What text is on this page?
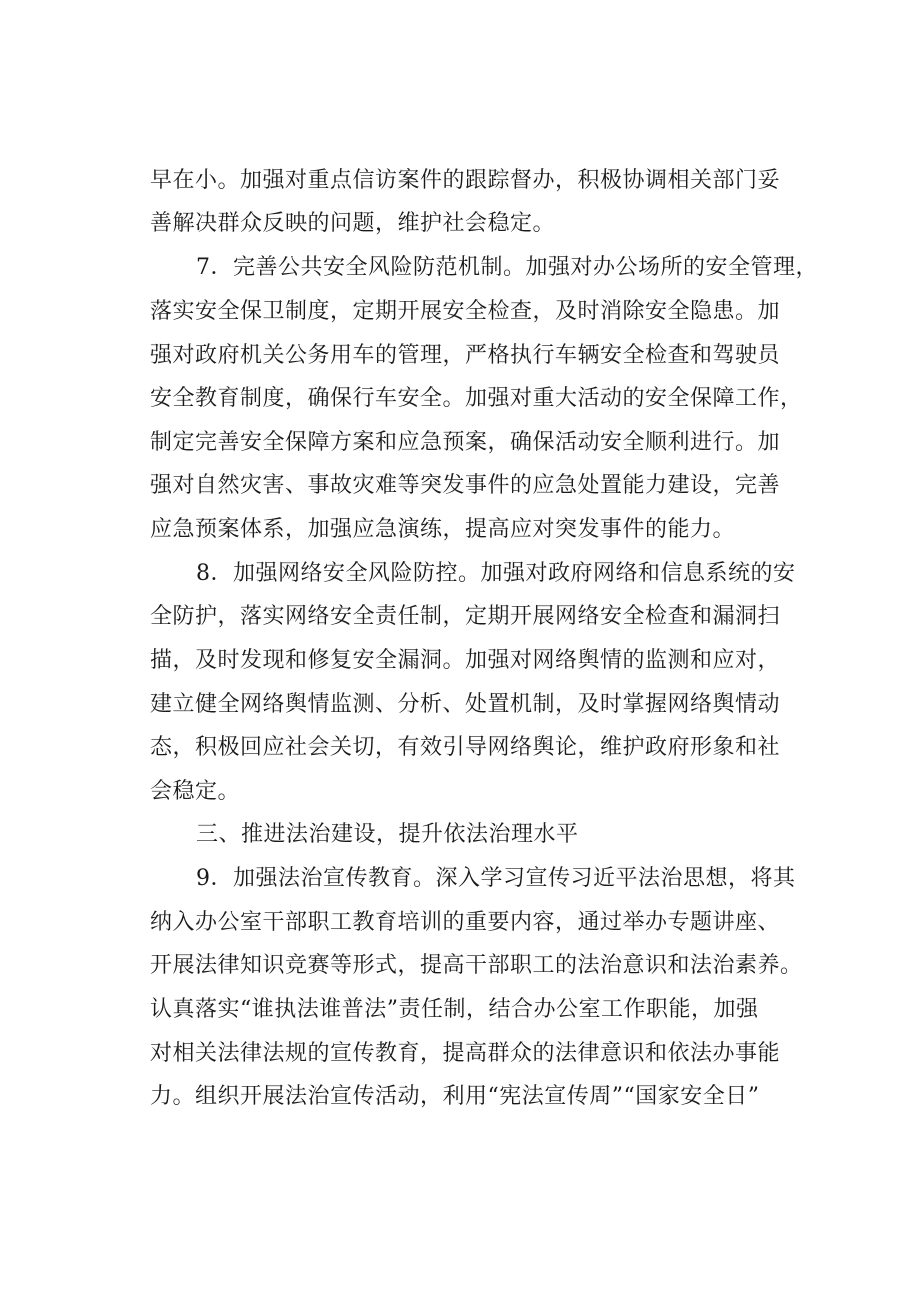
早在小。加强对重点信访案件的跟踪督办，积极协调相关部门妥
善解决群众反映的问题，维护社会稳定。
7．完善公共安全风险防范机制。加强对办公场所的安全管理，
落实安全保卫制度，定期开展安全检查，及时消除安全隐患。加
强对政府机关公务用车的管理，严格执行车辆安全检查和驾驶员
安全教育制度，确保行车安全。加强对重大活动的安全保障工作，
制定完善安全保障方案和应急预案，确保活动安全顺利进行。加
强对自然灾害、事故灾难等突发事件的应急处置能力建设，完善
应急预案体系，加强应急演练，提高应对突发事件的能力。
8．加强网络安全风险防控。加强对政府网络和信息系统的安
全防护，落实网络安全责任制，定期开展网络安全检查和漏洞扫
描，及时发现和修复安全漏洞。加强对网络舆情的监测和应对，
建立健全网络舆情监测、分析、处置机制，及时掌握网络舆情动
态，积极回应社会关切，有效引导网络舆论，维护政府形象和社
会稳定。
三、推进法治建设，提升依法治理水平
9．加强法治宣传教育。深入学习宣传习近平法治思想，将其
纳入办公室干部职工教育培训的重要内容，通过举办专题讲座、
开展法律知识竞赛等形式，提高干部职工的法治意识和法治素养。
认真落实“谁执法谁普法”责任制，结合办公室工作职能，加强
对相关法律法规的宣传教育，提高群众的法律意识和依法办事能
力。组织开展法治宣传活动，利用“宪法宣传周”“国家安全日”
